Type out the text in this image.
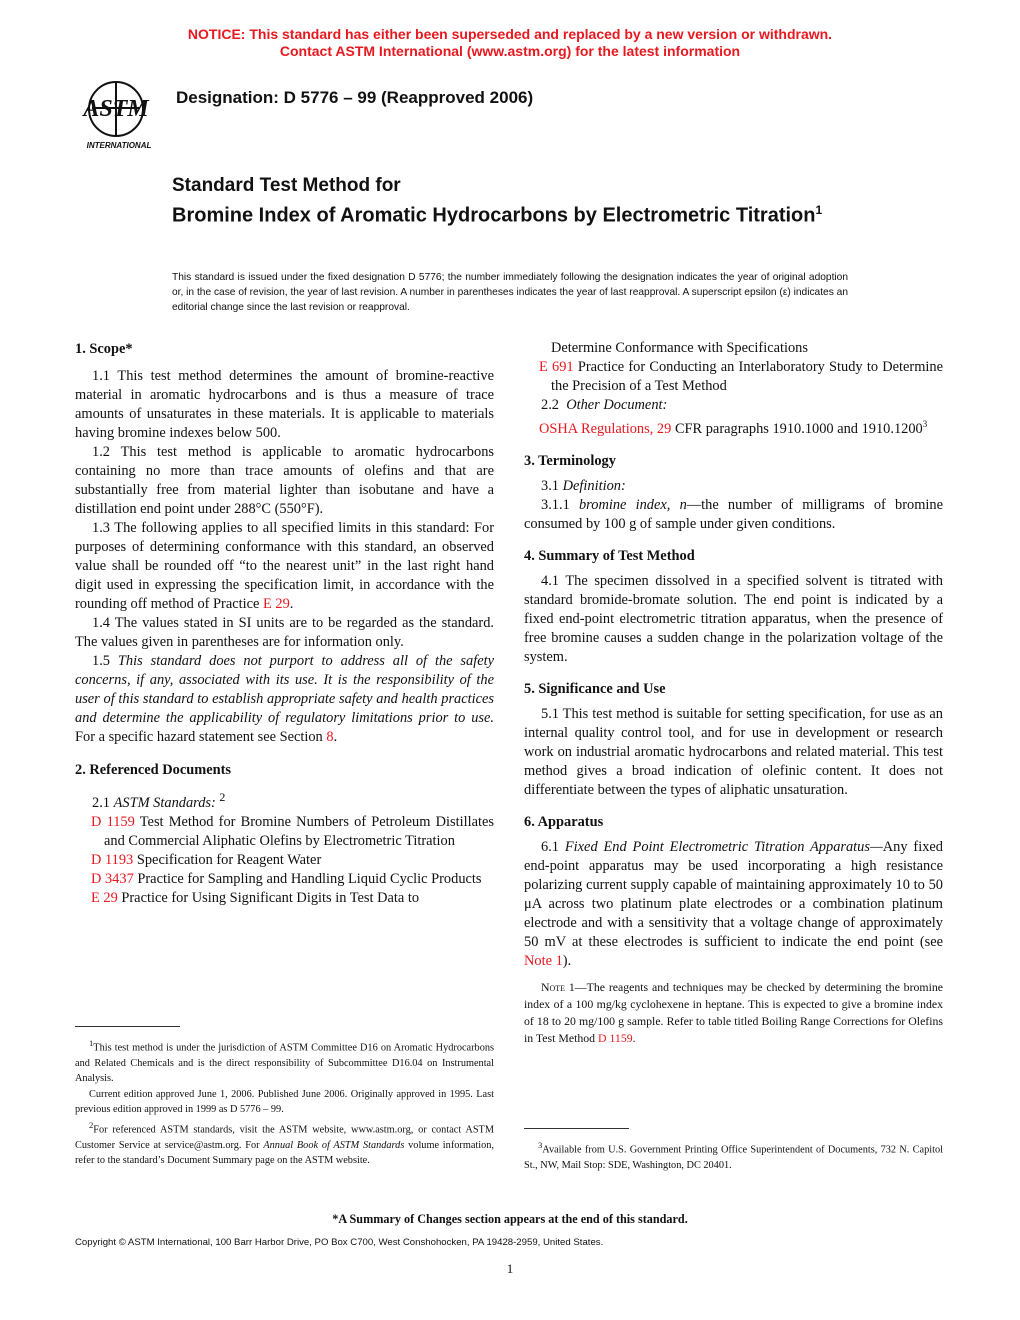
NOTICE: This standard has either been superseded and replaced by a new version or withdrawn.
Contact ASTM International (www.astm.org) for the latest information
ASTM
INTERNATIONAL
Designation: D 5776 – 99 (Reapproved 2006)
Standard Test Method for
Bromine Index of Aromatic Hydrocarbons by Electrometric Titration$^1$
This standard is issued under the fixed designation D 5776; the number immediately following the designation indicates the year of original adoption or, in the case of revision, the year of last revision. A number in parentheses indicates the year of last reapproval. A superscript epsilon (ε) indicates an editorial change since the last revision or reapproval.
1. Scope*

1.1 This test method determines the amount of bromine-reactive material in aromatic hydrocarbons and is thus a measure of trace amounts of unsaturates in these materials. It is applicable to materials having bromine indexes below 500.

1.2 This test method is applicable to aromatic hydrocarbons containing no more than trace amounts of olefins and that are substantially free from material lighter than isobutane and have a distillation end point under 288°C (550°F).

1.3 The following applies to all specified limits in this standard: For purposes of determining conformance with this standard, an observed value shall be rounded off “to the nearest unit” in the last right hand digit used in expressing the specification limit, in accordance with the rounding off method of Practice E 29.

1.4 The values stated in SI units are to be regarded as the standard. The values given in parentheses are for information only.

1.5 This standard does not purport to address all of the safety concerns, if any, associated with its use. It is the responsibility of the user of this standard to establish appropriate safety and health practices and determine the applicability of regulatory limitations prior to use. For a specific hazard statement see Section 8.

2. Referenced Documents

2.1 ASTM Standards: $^2$

D 1159 Test Method for Bromine Numbers of Petroleum Distillates and Commercial Aliphatic Olefins by Electrometric Titration

D 1193 Specification for Reagent Water

D 3437 Practice for Sampling and Handling Liquid Cyclic Products

E 29 Practice for Using Significant Digits in Test Data to

Determine Conformance with Specifications

E 691 Practice for Conducting an Interlaboratory Study to Determine the Precision of a Test Method

2.2 Other Document:

OSHA Regulations, 29 CFR paragraphs 1910.1000 and 1910.1200$^3$

3. Terminology

3.1 Definition:

3.1.1 bromine index, n—the number of milligrams of bromine consumed by 100 g of sample under given conditions.

4. Summary of Test Method

4.1 The specimen dissolved in a specified solvent is titrated with standard bromide-bromate solution. The end point is indicated by a fixed end-point electrometric titration apparatus, when the presence of free bromine causes a sudden change in the polarization voltage of the system.

5. Significance and Use

5.1 This test method is suitable for setting specification, for use as an internal quality control tool, and for use in development or research work on industrial aromatic hydrocarbons and related material. This test method gives a broad indication of olefinic content. It does not differentiate between the types of aliphatic unsaturation.

6. Apparatus

6.1 Fixed End Point Electrometric Titration Apparatus—Any fixed end-point apparatus may be used incorporating a high resistance polarizing current supply capable of maintaining approximately 10 to 50 μA across two platinum plate electrodes or a combination platinum electrode and with a sensitivity that a voltage change of approximately 50 mV at these electrodes is sufficient to indicate the end point (see Note 1).

Note 1—The reagents and techniques may be checked by determining the bromine index of a 100 mg/kg cyclohexene in heptane. This is expected to give a bromine index of 18 to 20 mg/100 g sample. Refer to table titled Boiling Range Corrections for Olefins in Test Method D 1159.

$^1$This test method is under the jurisdiction of ASTM Committee D16 on Aromatic Hydrocarbons and Related Chemicals and is the direct responsibility of Subcommittee D16.04 on Instrumental Analysis.

Current edition approved June 1, 2006. Published June 2006. Originally approved in 1995. Last previous edition approved in 1999 as D 5776 – 99.

$^2$For referenced ASTM standards, visit the ASTM website, www.astm.org, or contact ASTM Customer Service at service@astm.org. For Annual Book of ASTM Standards volume information, refer to the standard’s Document Summary page on the ASTM website.

$^3$Available from U.S. Government Printing Office Superintendent of Documents, 732 N. Capitol St., NW, Mail Stop: SDE, Washington, DC 20401.

*A Summary of Changes section appears at the end of this standard.
Copyright © ASTM International, 100 Barr Harbor Drive, PO Box C700, West Conshohocken, PA 19428-2959, United States.
1
